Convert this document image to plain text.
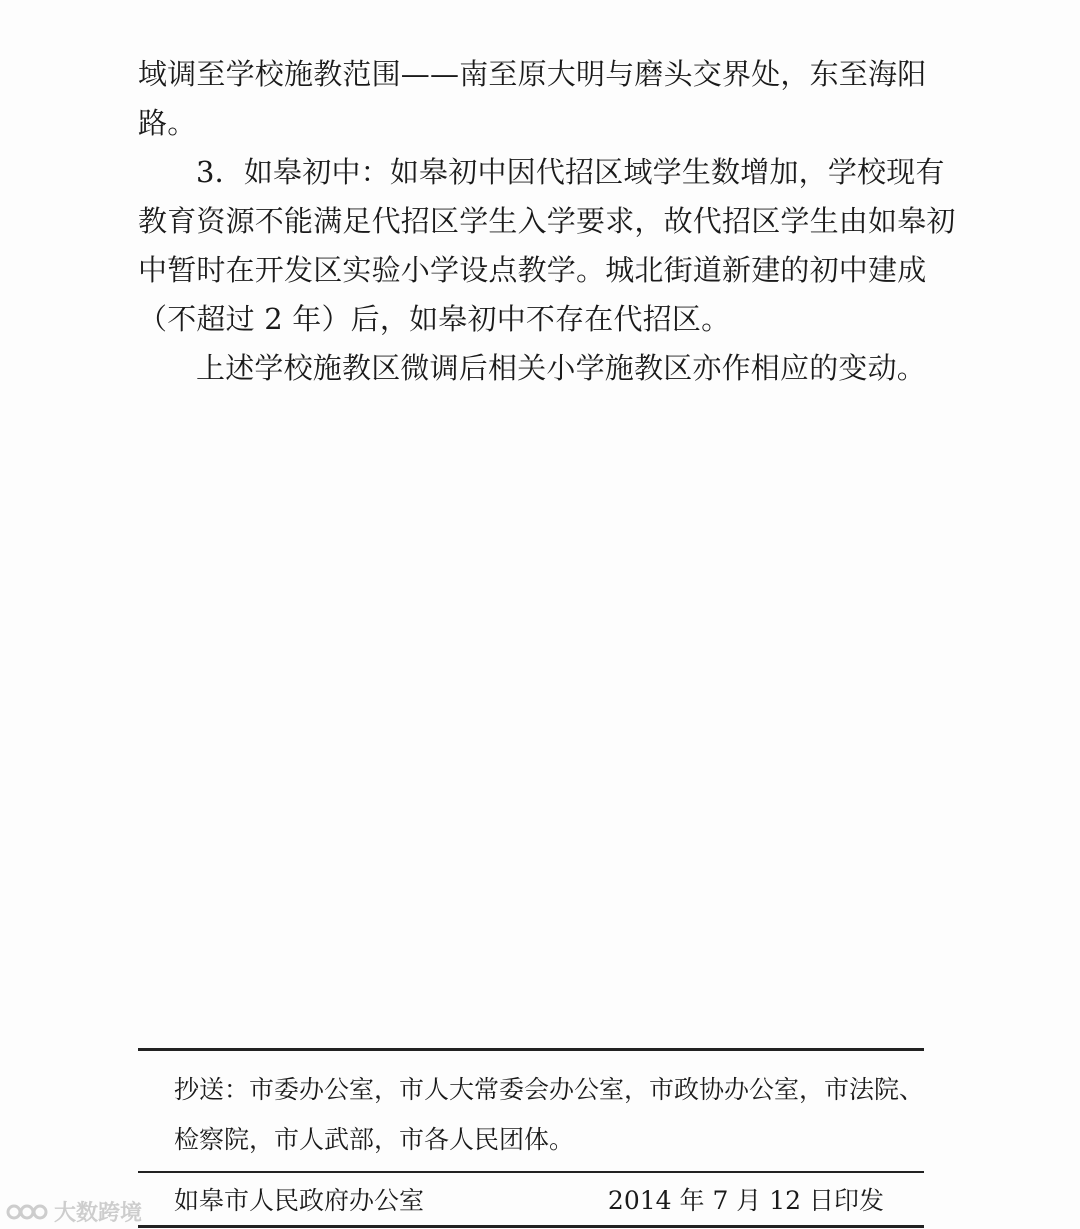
域调至学校施教范围——南至原大明与磨头交界处，东至海阳

路。

3．如皋初中：如皋初中因代招区域学生数增加，学校现有

教育资源不能满足代招区学生入学要求，故代招区学生由如皋初

中暂时在开发区实验小学设点教学。城北街道新建的初中建成

（不超过 2 年）后，如皋初中不存在代招区。

上述学校施教区微调后相关小学施教区亦作相应的变动。

抄送：市委办公室，市人大常委会办公室，市政协办公室，市法院、

检察院，市人武部，市各人民团体。

如皋市人民政府办公室	2014 年 7 月 12 日印发
大数跨境
